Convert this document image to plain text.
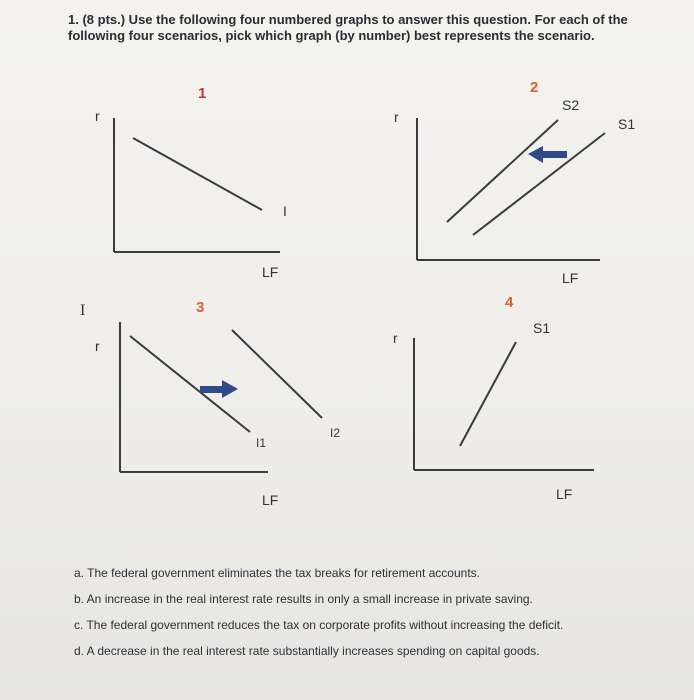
1. (8 pts.) Use the following four numbered graphs to answer this question. For each of the following four scenarios, pick which graph (by number) best represents the scenario.
1
r
I
LF
2
S2
S1
r
LF
I	3
r
I1
I2
LF
4
S1
r
LF
a. The federal government eliminates the tax breaks for retirement accounts.
b. An increase in the real interest rate results in only a small increase in private saving.
c. The federal government reduces the tax on corporate profits without increasing the deficit.
d. A decrease in the real interest rate substantially increases spending on capital goods.
